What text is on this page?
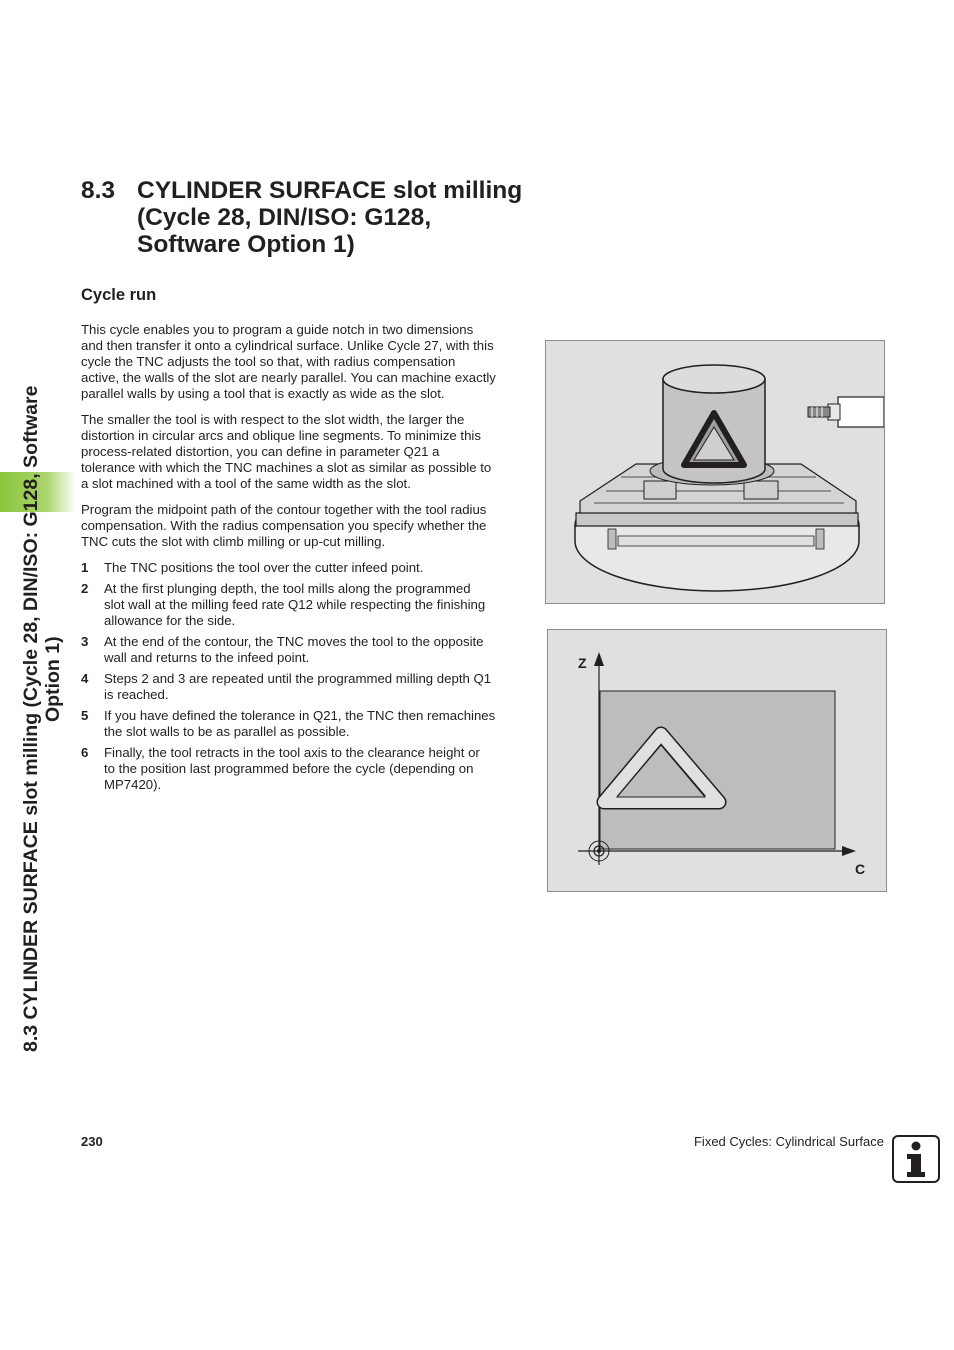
8.3 CYLINDER SURFACE slot milling (Cycle 28, DIN/ISO: G128, Software Option 1)
8.3 CYLINDER SURFACE slot milling
(Cycle 28, DIN/ISO: G128,
Software Option 1)
Cycle run

This cycle enables you to program a guide notch in two dimensions
and then transfer it onto a cylindrical surface. Unlike Cycle 27, with this
cycle the TNC adjusts the tool so that, with radius compensation
active, the walls of the slot are nearly parallel. You can machine exactly
parallel walls by using a tool that is exactly as wide as the slot.

The smaller the tool is with respect to the slot width, the larger the
distortion in circular arcs and oblique line segments. To minimize this
process-related distortion, you can define in parameter Q21 a
tolerance with which the TNC machines a slot as similar as possible to
a slot machined with a tool of the same width as the slot.

Program the midpoint path of the contour together with the tool radius
compensation. With the radius compensation you specify whether the
TNC cuts the slot with climb milling or up-cut milling.

1 The TNC positions the tool over the cutter infeed point.
2 At the first plunging depth, the tool mills along the programmed
slot wall at the milling feed rate Q12 while respecting the finishing
allowance for the side.
3 At the end of the contour, the TNC moves the tool to the opposite
wall and returns to the infeed point.
4 Steps 2 and 3 are repeated until the programmed milling depth Q1
is reached.
5 If you have defined the tolerance in Q21, the TNC then remachines
the slot walls to be as parallel as possible.
6 Finally, the tool retracts in the tool axis to the clearance height or
to the position last programmed before the cycle (depending on
MP7420).
Z
C
230	Fixed Cycles: Cylindrical Surface
